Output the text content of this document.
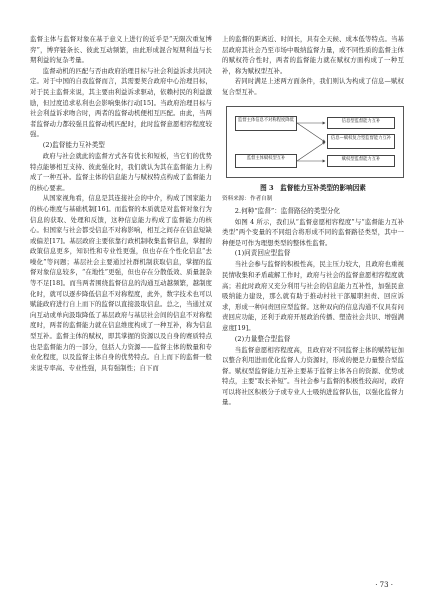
监督主体与监督对象在基于意义上进行的近乎是“无限次重复博弈”，博弈链条长、彼此互动频繁，由此形成混合短期利益与长期利益的复杂考量。

监督动机的匹配与否由政府治理目标与社会利益诉求共同决定。对于中国的自我监督而言，其需要契合政府中心治理目标，对于民主监督来说，其主要由利益诉求驱动，依赖村民的利益激励，但过度追求私利也会影响集体行动[15]。当政府治理目标与社会利益诉求吻合时，两者的监督动机便相互匹配。由此，当两者监督动力都较强且监督动机匹配时，此时监督意愿相容程度较强。

(2)监督能力互补类型

政府与社会就此的监督方式各有优长和短板，当它们的优势特点能够相互支持、彼此强化时，我们就认为其在监督能力上构成了一种互补。监督主体的信息能力与赋权特点构成了监督能力的核心要素。

从国家视角看，信息是其连接社会的中介，构成了国家能力的核心维度与基础机制[16]。而监督的本质就是对监督对象行为信息的获取、处理和反馈，这种信息能力构成了监督能力的核心。但国家与社会都受信息不对称影响，相互之间存在信息短缺或偏差[17]。基层政府主要依靠行政机制收集监督信息，掌握的政策信息更多，知识性和专业性更强，但也存在个性化信息“去噪化”等问题；基层社会主要通过社群机制获取信息，掌握的监督对象信息较多，“在地性”更强，但也存在分散低效、质量混杂等不足[18]。而当两者围绕监督信息的沟通互动越频繁，越制度化时，就可以逐步降低信息不对称程度，此外，数字技术也可以赋能政府进行自上而下的监督以直接汲取信息。总之，当通过双向互动或单向汲取降低了基层政府与基层社会间的信息不对称程度时，两者的监督能力就在信息维度构成了一种互补，称为信息型互补。监督主体的赋权，即其掌握的资源以及自身的赛质特点也是监督能力的一部分，包括人力资源——监督主体的数量和专业化程度，以及监督主体自身的优势特点。自上而下的监督一般来说专率高、专业性强，具有强制性；自下而

上的监督的距离近、时间长，具有全天候、成本低等特点。当基层政府其社会乃至市场中吸纳监督力量，或不同性质的监督主体的赋权符合性时，两者的监督能力就在赋权方面构成了一种互补，称为赋权型互补。

若同时满足上述两方面条件，我们则认为构成了信息—赋权复合型互补。

监督主体信息不对称程度降低
监督主体赋权型互补
信息型监督能力互补
信息—赋权复合型监督能力互补
赋权型监督能力互补

图 3　监督能力互补类型的影响因素

资料来源：作者自制

2.何种“监督”：监督路径的类型分化

如图 4 所示，我们从“监督意愿相容程度”与“监督能力互补类型”两个变量的不同组合将形成不同的监督路径类型，其中一种便是可作为理想类型的整体性监督。

(1)问责回应型监督

当社会参与监督的积极性高，民主压力较大，且政府也重视民情收集和矛盾疏解工作时，政府与社会的监督意愿相容程度就高；若此时政府又充分利用与社会的信息能力互补性，加强民意吸纳能力建设，那么就有助于推动村社干部履职担责、回应诉求，形成一种问责回应型监督。这种双向的信息沟通不仅具有问责回应功能，还利于政府开展政治传播、塑造社会共识、增强满意度[19]。

(2)力量整合型监督

当监督意愿相容程度高，且政府对不同监督主体的赋特征加以整合利用进而优化监督人力资源时，形成的便是力量整合型监督。赋权型监督能力互补主要基于监督主体各自的资源、优势或特点，主要“取长补短”。当社会参与监督的积极性较高时，政府可以将社区积极分子或专业人士吸纳进监督队伍，以强化监督力量。

· 73 ·
